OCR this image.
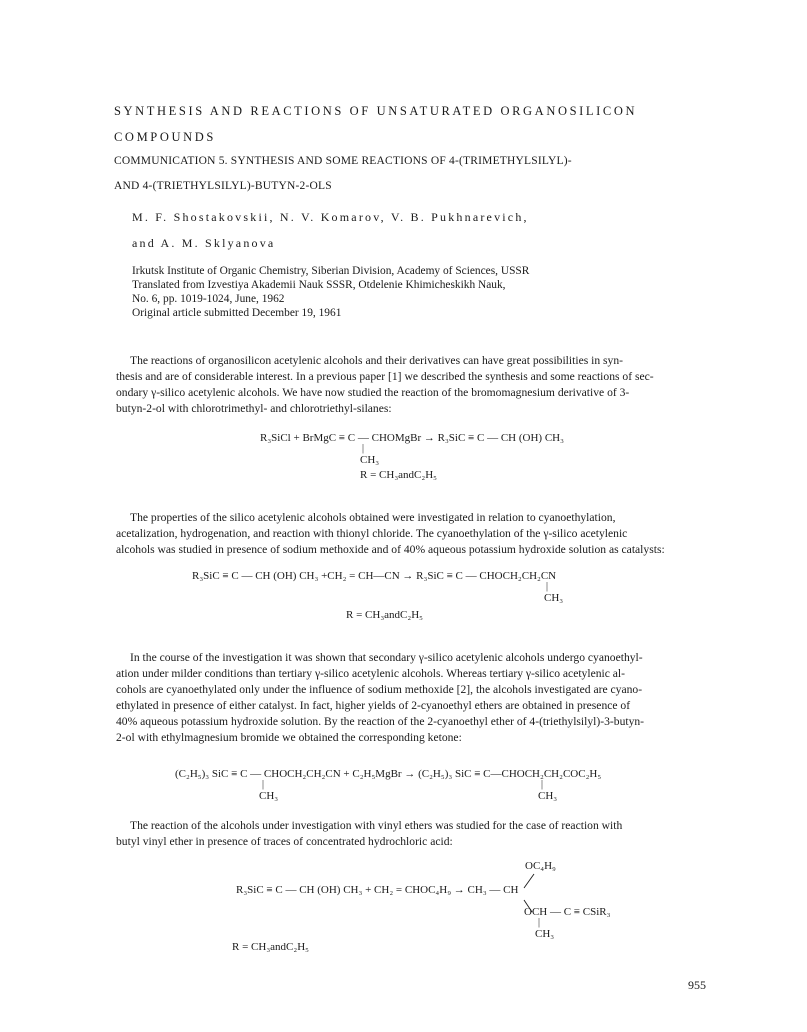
SYNTHESIS AND REACTIONS OF UNSATURATED ORGANOSILICON
COMPOUNDS
COMMUNICATION 5. SYNTHESIS AND SOME REACTIONS OF 4-(TRIMETHYLSILYL)-
AND 4-(TRIETHYLSILYL)-BUTYN-2-OLS
M. F. Shostakovskii, N. V. Komarov, V. B. Pukhnarevich,
and A. M. Sklyanova
Irkutsk Institute of Organic Chemistry, Siberian Division, Academy of Sciences, USSR
Translated from Izvestiya Akademii Nauk SSSR, Otdelenie Khimicheskikh Nauk,
No. 6, pp. 1019-1024, June, 1962
Original article submitted December 19, 1961
The reactions of organosilicon acetylenic alcohols and their derivatives can have great possibilities in syn-
thesis and are of considerable interest. In a previous paper [1] we described the synthesis and some reactions of sec-
ondary γ-silico acetylenic alcohols. We have now studied the reaction of the bromomagnesium derivative of 3-
butyn-2-ol with chlorotrimethyl- and chlorotriethyl-silanes:
R₃SiCl + BrMgC ≡ C — CHOMgBr → R₃SiC ≡ C — CH (OH) CH₃
|
CH₃
R = CH₃andC₂H₅
The properties of the silico acetylenic alcohols obtained were investigated in relation to cyanoethylation,
acetalization, hydrogenation, and reaction with thionyl chloride. The cyanoethylation of the γ-silico acetylenic
alcohols was studied in presence of sodium methoxide and of 40% aqueous potassium hydroxide solution as catalysts:
R₃SiC ≡ C — CH (OH) CH₃ +CH₂ = CH—CN → R₃SiC ≡ C — CHOCH₂CH₂CN
|
CH₃
R = CH₃andC₂H₅
In the course of the investigation it was shown that secondary γ-silico acetylenic alcohols undergo cyanoethyl-
ation under milder conditions than tertiary γ-silico acetylenic alcohols. Whereas tertiary γ-silico acetylenic al-
cohols are cyanoethylated only under the influence of sodium methoxide [2], the alcohols investigated are cyano-
ethylated in presence of either catalyst. In fact, higher yields of 2-cyanoethyl ethers are obtained in presence of
40% aqueous potassium hydroxide solution. By the reaction of the 2-cyanoethyl ether of 4-(triethylsilyl)-3-butyn-
2-ol with ethylmagnesium bromide we obtained the corresponding ketone:
(C₂H₅)₃ SiC ≡ C — CHOCH₂CH₂CN + C₂H₅MgBr → (C₂H₅)₃ SiC ≡ C—CHOCH₂CH₂COC₂H₅
|
CH₃
|
CH₃
The reaction of the alcohols under investigation with vinyl ethers was studied for the case of reaction with
butyl vinyl ether in presence of traces of concentrated hydrochloric acid:
OC₄H₉
R₃SiC ≡ C — CH (OH) CH₃ + CH₂ = CHOC₄H₉ → CH₃ — CH
OCH — C ≡ CSiR₃
|
CH₃
R = CH₃andC₂H₅
955
